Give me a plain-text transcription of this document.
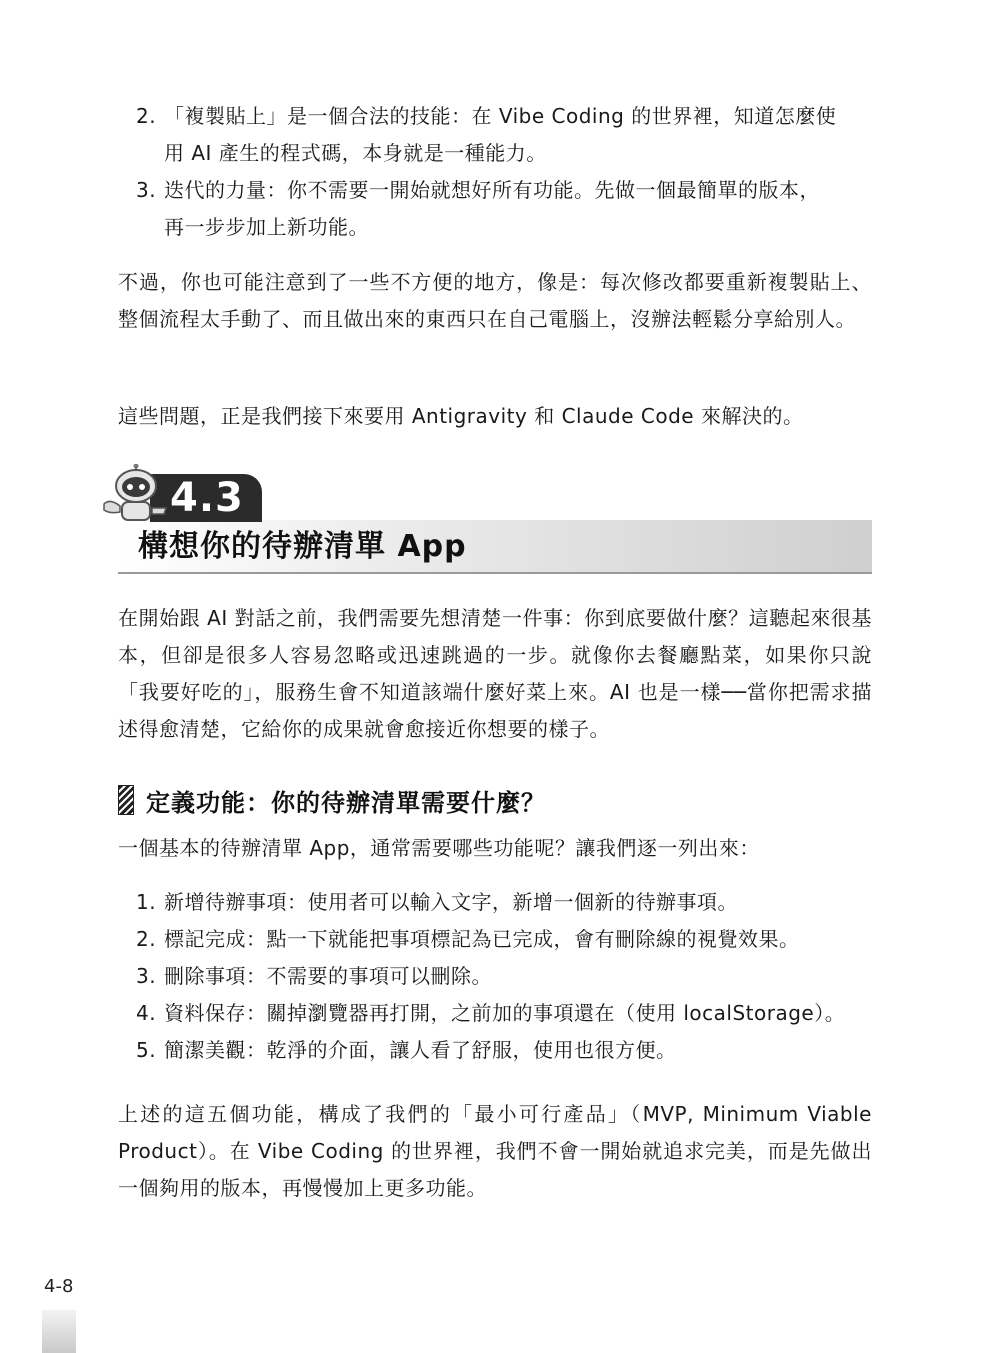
2. 「複製貼上」是一個合法的技能：在 Vibe Coding 的世界裡，知道怎麼使
用 AI 產生的程式碼，本身就是一種能力。
3. 迭代的力量：你不需要一開始就想好所有功能。先做一個最簡單的版本，
再一步步加上新功能。

不過，你也可能注意到了一些不方便的地方，像是：每次修改都要重新複製貼上、整個流程太手動了、而且做出來的東西只在自己電腦上，沒辦法輕鬆分享給別人。

這些問題，正是我們接下來要用 Antigravity 和 Claude Code 來解決的。

4.3
構想你的待辦清單 App

在開始跟 AI 對話之前，我們需要先想清楚一件事：你到底要做什麼？這聽起來很基本，但卻是很多人容易忽略或迅速跳過的一步。就像你去餐廳點菜，如果你只說「我要好吃的」，服務生會不知道該端什麼好菜上來。AI 也是一樣──當你把需求描述得愈清楚，它給你的成果就會愈接近你想要的樣子。

定義功能：你的待辦清單需要什麼？

一個基本的待辦清單 App，通常需要哪些功能呢？讓我們逐一列出來：

1. 新增待辦事項：使用者可以輸入文字，新增一個新的待辦事項。
2. 標記完成：點一下就能把事項標記為已完成，會有刪除線的視覺效果。
3. 刪除事項：不需要的事項可以刪除。
4. 資料保存：關掉瀏覽器再打開，之前加的事項還在（使用 localStorage）。
5. 簡潔美觀：乾淨的介面，讓人看了舒服，使用也很方便。

上述的這五個功能，構成了我們的「最小可行產品」（MVP, Minimum Viable Product）。在 Vibe Coding 的世界裡，我們不會一開始就追求完美，而是先做出一個夠用的版本，再慢慢加上更多功能。

4-8
